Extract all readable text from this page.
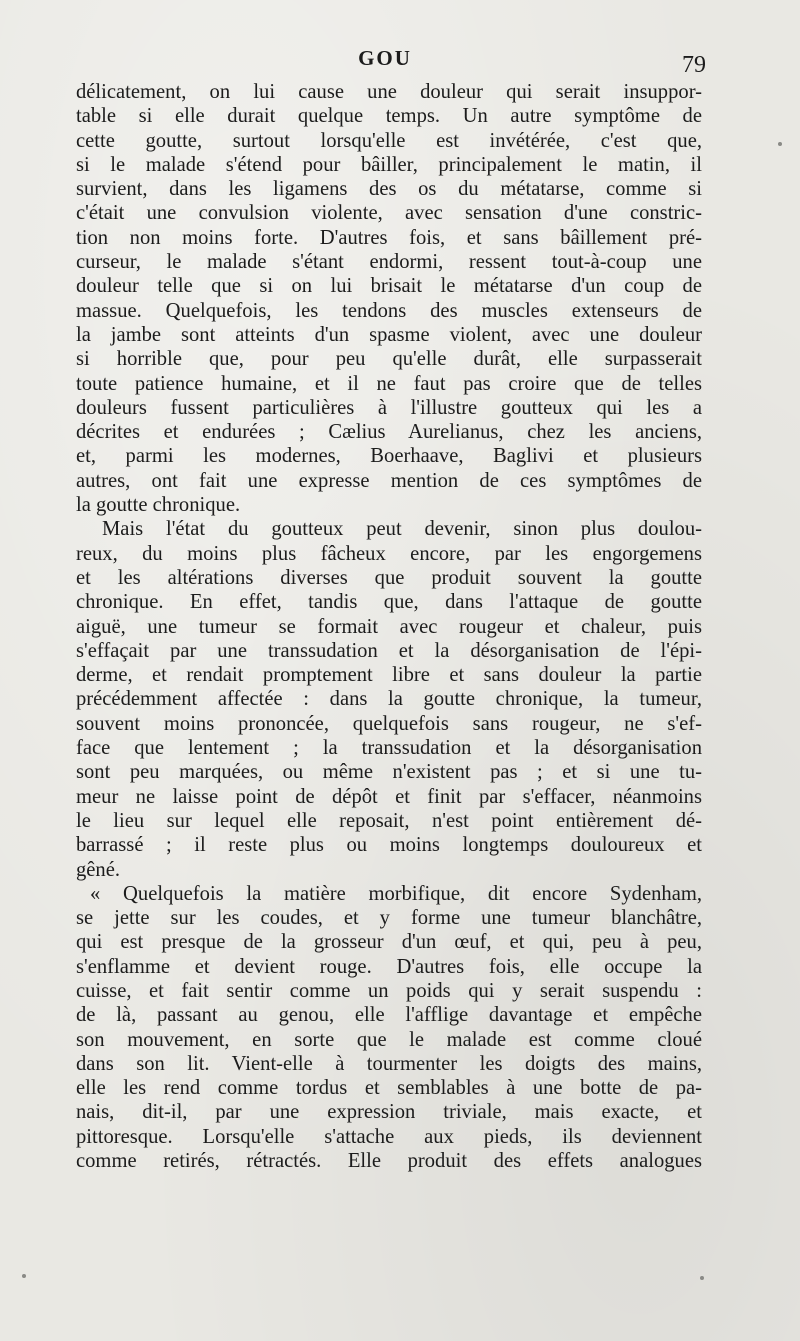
GOU	79
délicatement, on lui cause une douleur qui serait insuppor-
table si elle durait quelque temps. Un autre symptôme de
cette goutte, surtout lorsqu'elle est invétérée, c'est que,
si le malade s'étend pour bâiller, principalement le matin, il
survient, dans les ligamens des os du métatarse, comme si
c'était une convulsion violente, avec sensation d'une constric-
tion non moins forte. D'autres fois, et sans bâillement pré-
curseur, le malade s'étant endormi, ressent tout-à-coup une
douleur telle que si on lui brisait le métatarse d'un coup de
massue. Quelquefois, les tendons des muscles extenseurs de
la jambe sont atteints d'un spasme violent, avec une douleur
si horrible que, pour peu qu'elle durât, elle surpasserait
toute patience humaine, et il ne faut pas croire que de telles
douleurs fussent particulières à l'illustre goutteux qui les a
décrites et endurées ; Cælius Aurelianus, chez les anciens,
et, parmi les modernes, Boerhaave, Baglivi et plusieurs
autres, ont fait une expresse mention de ces symptômes de
la goutte chronique.
Mais l'état du goutteux peut devenir, sinon plus doulou-
reux, du moins plus fâcheux encore, par les engorgemens
et les altérations diverses que produit souvent la goutte
chronique. En effet, tandis que, dans l'attaque de goutte
aiguë, une tumeur se formait avec rougeur et chaleur, puis
s'effaçait par une transsudation et la désorganisation de l'épi-
derme, et rendait promptement libre et sans douleur la partie
précédemment affectée : dans la goutte chronique, la tumeur,
souvent moins prononcée, quelquefois sans rougeur, ne s'ef-
face que lentement ; la transsudation et la désorganisation
sont peu marquées, ou même n'existent pas ; et si une tu-
meur ne laisse point de dépôt et finit par s'effacer, néanmoins
le lieu sur lequel elle reposait, n'est point entièrement dé-
barrassé ; il reste plus ou moins longtemps douloureux et
gêné.
« Quelquefois la matière morbifique, dit encore Sydenham,
se jette sur les coudes, et y forme une tumeur blanchâtre,
qui est presque de la grosseur d'un œuf, et qui, peu à peu,
s'enflamme et devient rouge. D'autres fois, elle occupe la
cuisse, et fait sentir comme un poids qui y serait suspendu :
de là, passant au genou, elle l'afflige davantage et empêche
son mouvement, en sorte que le malade est comme cloué
dans son lit. Vient-elle à tourmenter les doigts des mains,
elle les rend comme tordus et semblables à une botte de pa-
nais, dit-il, par une expression triviale, mais exacte, et
pittoresque. Lorsqu'elle s'attache aux pieds, ils deviennent
comme retirés, rétractés. Elle produit des effets analogues
